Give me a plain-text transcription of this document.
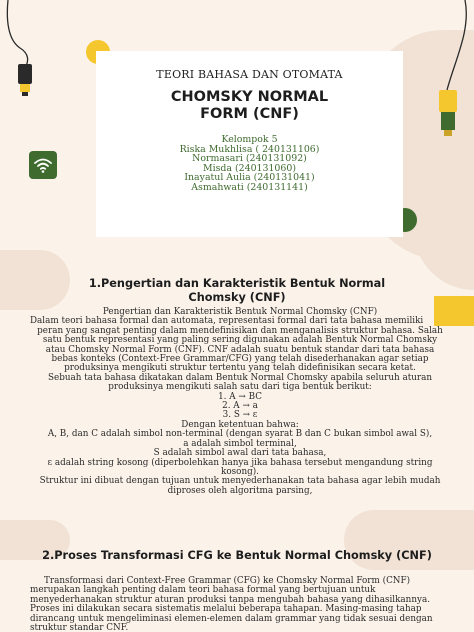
TEORI BAHASA DAN OTOMATA
CHOMSKY NORMAL
FORM (CNF)
Kelompok 5
Riska Mukhlisa ( 240131106)
Normasari (240131092)
Misda (240131060)
Inayatul Aulia (240131041)
Asmahwati (240131141)
1.Pengertian dan Karakteristik Bentuk Normal
Chomsky (CNF)
Pengertian dan Karakteristik Bentuk Normal Chomsky (CNF)
Dalam teori bahasa formal dan automata, representasi formal dari tata bahasa memiliki
peran yang sangat penting dalam mendefinisikan dan menganalisis struktur bahasa. Salah
satu bentuk representasi yang paling sering digunakan adalah Bentuk Normal Chomsky
atau Chomsky Normal Form (CNF). CNF adalah suatu bentuk standar dari tata bahasa
bebas konteks (Context-Free Grammar/CFG) yang telah disederhanakan agar setiap
produksinya mengikuti struktur tertentu yang telah didefinisikan secara ketat.
Sebuah tata bahasa dikatakan dalam Bentuk Normal Chomsky apabila seluruh aturan
produksinya mengikuti salah satu dari tiga bentuk berikut:
1. A → BC
2. A → a
3. S → ε
Dengan ketentuan bahwa:
A, B, dan C adalah simbol non-terminal (dengan syarat B dan C bukan simbol awal S),
a adalah simbol terminal,
S adalah simbol awal dari tata bahasa,
ε adalah string kosong (diperbolehkan hanya jika bahasa tersebut mengandung string
kosong).
Struktur ini dibuat dengan tujuan untuk menyederhanakan tata bahasa agar lebih mudah
diproses oleh algoritma parsing,
2.Proses Transformasi CFG ke Bentuk Normal Chomsky (CNF)
Transformasi dari Context-Free Grammar (CFG) ke Chomsky Normal Form (CNF)
merupakan langkah penting dalam teori bahasa formal yang bertujuan untuk
menyederhanakan struktur aturan produksi tanpa mengubah bahasa yang dihasilkannya.
Proses ini dilakukan secara sistematis melalui beberapa tahapan. Masing-masing tahap
dirancang untuk mengeliminasi elemen-elemen dalam grammar yang tidak sesuai dengan
struktur standar CNF.
